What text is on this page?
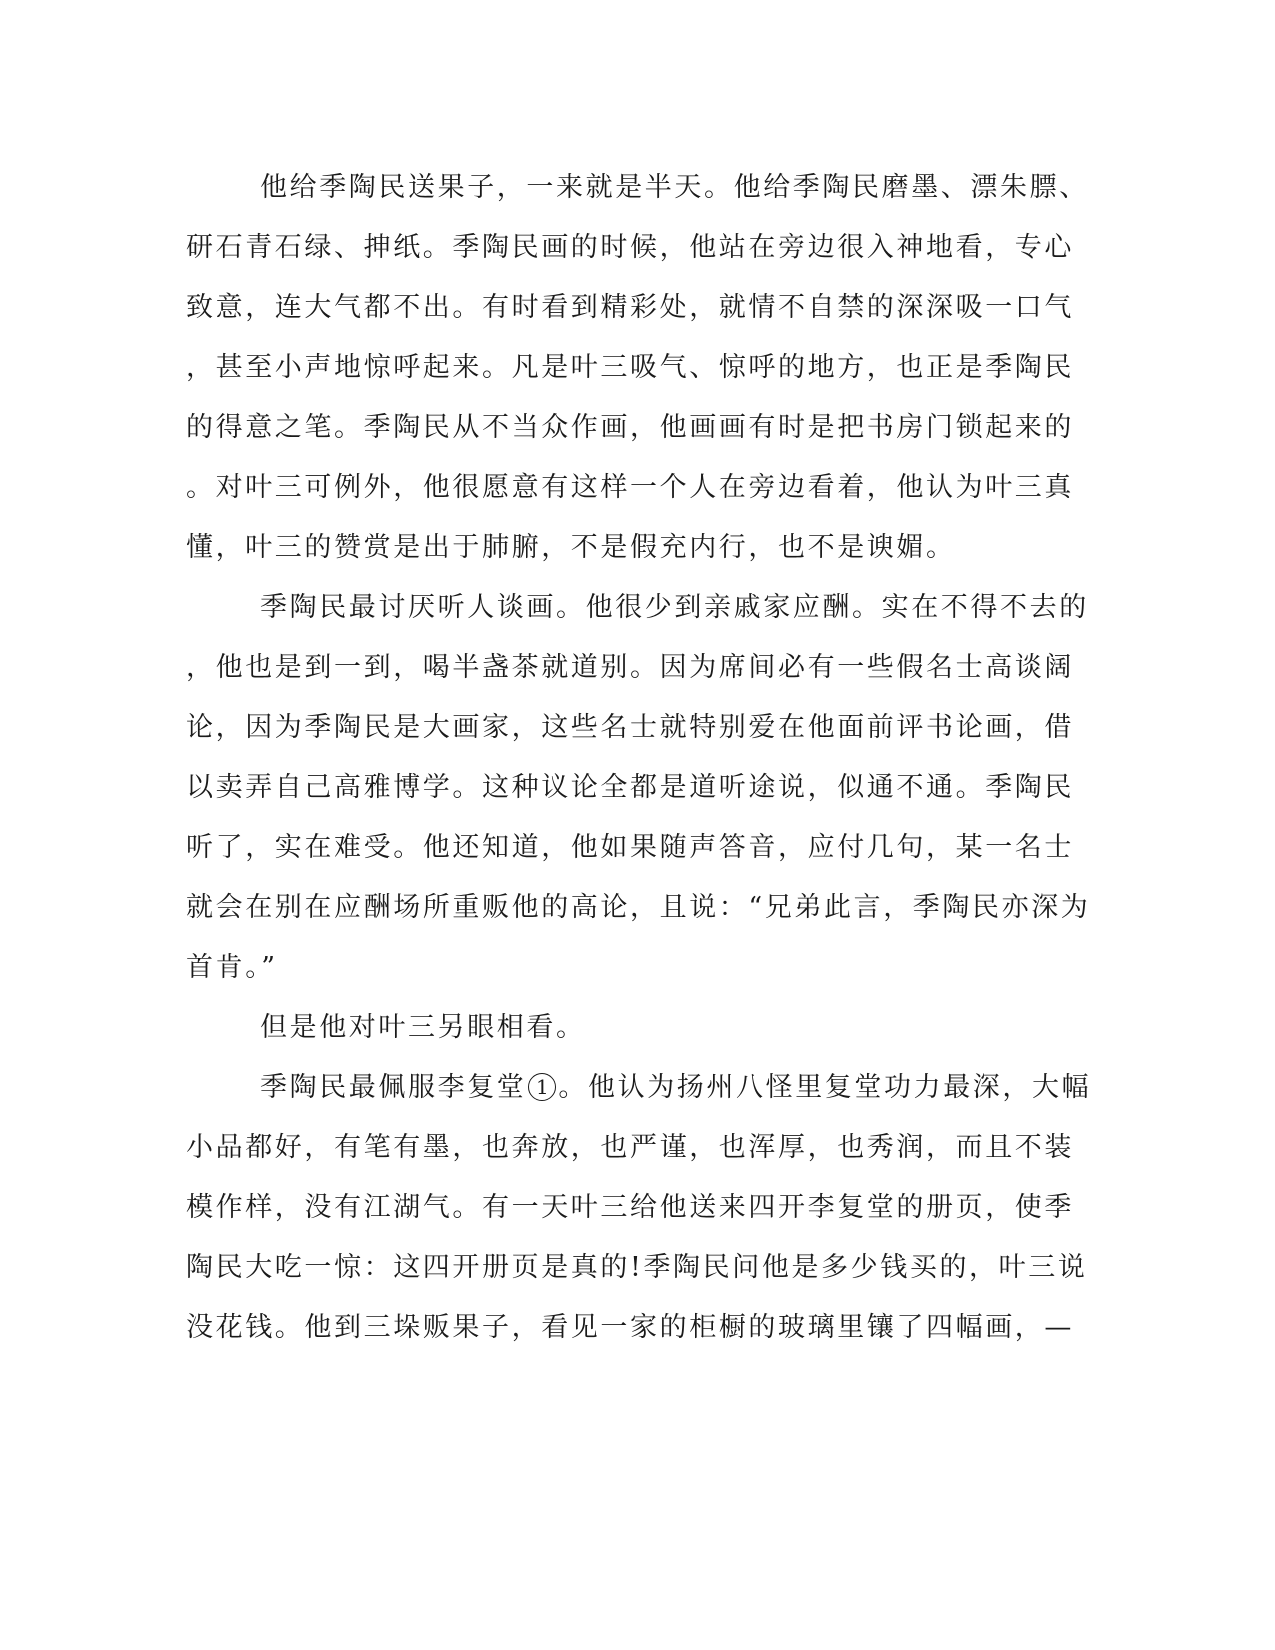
他给季陶民送果子，一来就是半天。他给季陶民磨墨、漂朱膘、
研石青石绿、抻纸。季陶民画的时候，他站在旁边很入神地看，专心
致意，连大气都不出。有时看到精彩处，就情不自禁的深深吸一口气
，甚至小声地惊呼起来。凡是叶三吸气、惊呼的地方，也正是季陶民
的得意之笔。季陶民从不当众作画，他画画有时是把书房门锁起来的
。对叶三可例外，他很愿意有这样一个人在旁边看着，他认为叶三真
懂，叶三的赞赏是出于肺腑，不是假充内行，也不是谀媚。
季陶民最讨厌听人谈画。他很少到亲戚家应酬。实在不得不去的
，他也是到一到，喝半盏茶就道别。因为席间必有一些假名士高谈阔
论，因为季陶民是大画家，这些名士就特别爱在他面前评书论画，借
以卖弄自己高雅博学。这种议论全都是道听途说，似通不通。季陶民
听了，实在难受。他还知道，他如果随声答音，应付几句，某一名士
就会在别在应酬场所重贩他的高论，且说：“兄弟此言，季陶民亦深为
首肯。”
但是他对叶三另眼相看。
季陶民最佩服李复堂 1 。他认为扬州八怪里复堂功力最深，大幅
小品都好，有笔有墨，也奔放，也严谨，也浑厚，也秀润，而且不装
模作样，没有江湖气。有一天叶三给他送来四开李复堂的册页，使季
陶民大吃一惊：这四开册页是真的!季陶民问他是多少钱买的，叶三说
没花钱。他到三垛贩果子，看见一家的柜橱的玻璃里镶了四幅画，—
